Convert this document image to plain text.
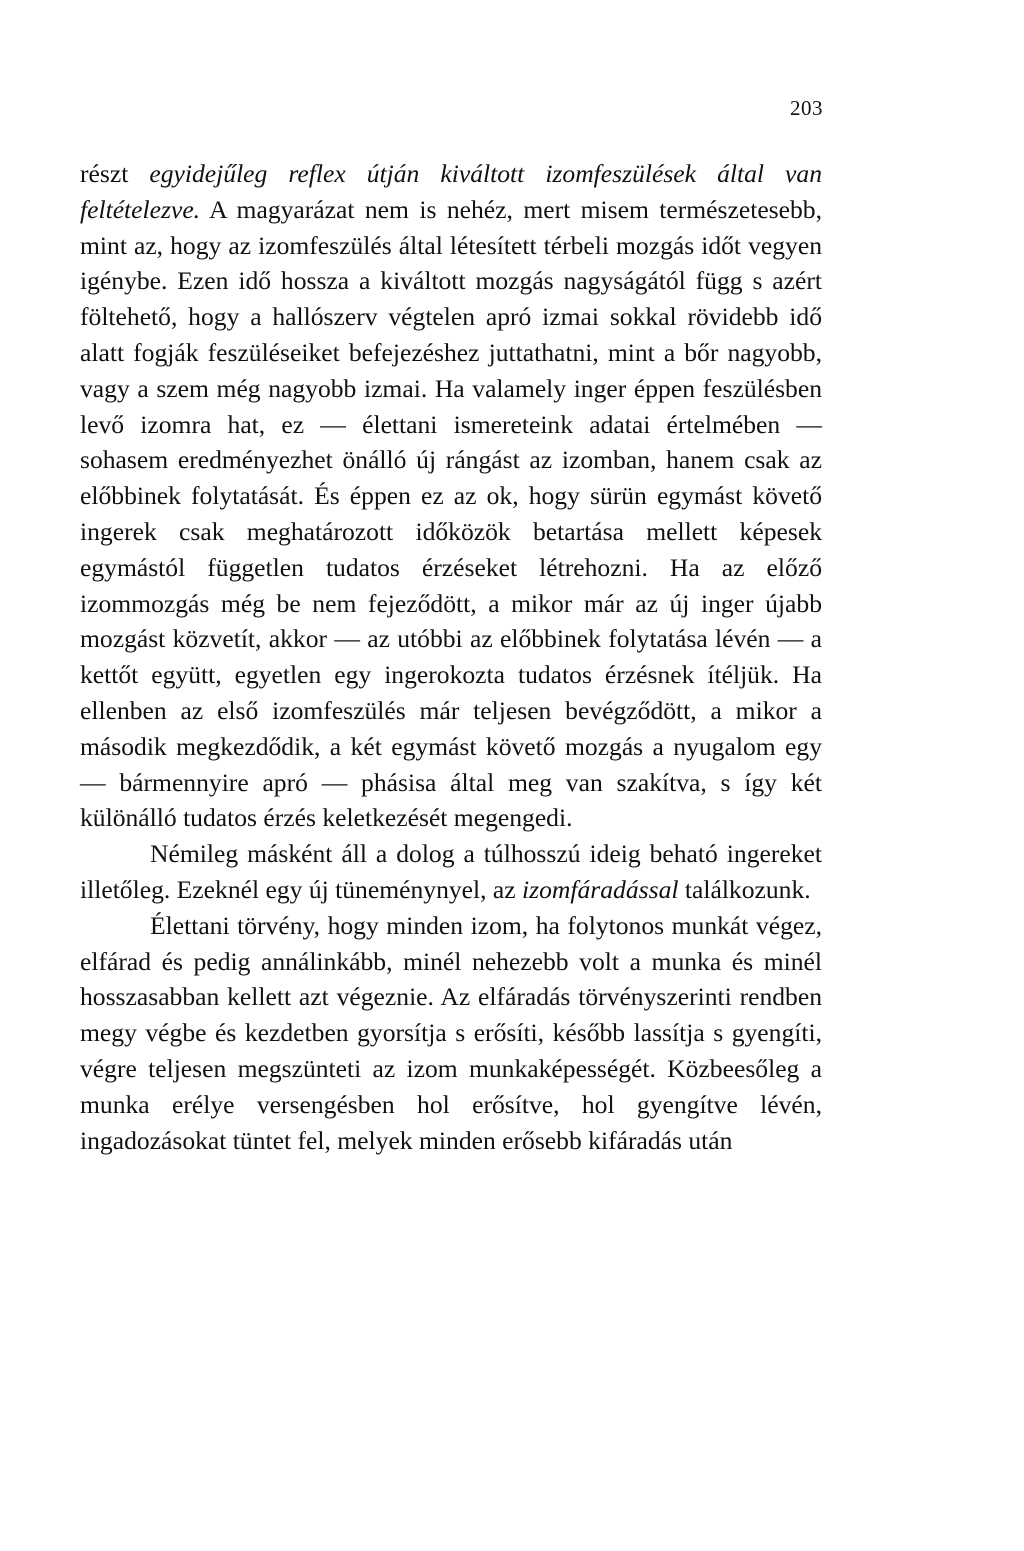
203

részt egyidejűleg reflex útján kiváltott izomfeszülések által van feltételezve. A magyarázat nem is nehéz, mert misem természetesebb, mint az, hogy az izomfeszülés által létesített térbeli mozgás időt vegyen igénybe. Ezen idő hossza a kiváltott mozgás nagyságától függ s azért föltehető, hogy a hallószerv végtelen apró izmai sokkal rövidebb idő alatt fogják feszüléseiket befejezéshez juttathatni, mint a bőr nagyobb, vagy a szem még nagyobb izmai. Ha valamely inger éppen feszülésben levő izomra hat, ez — élettani ismereteink adatai értelmében — sohasem eredményezhet önálló új rángást az izomban, hanem csak az előbbinek folytatását. És éppen ez az ok, hogy sürün egymást követő ingerek csak meghatározott időközök betartása mellett képesek egymástól független tudatos érzéseket létrehozni. Ha az előző izommozgás még be nem fejeződött, a mikor már az új inger újabb mozgást közvetít, akkor — az utóbbi az előbbinek folytatása lévén — a kettőt együtt, egyetlen egy ingerokozta tudatos érzésnek ítéljük. Ha ellenben az első izomfeszülés már teljesen bevégződött, a mikor a második megkezdődik, a két egymást követő mozgás a nyugalom egy — bármennyire apró — phásisa által meg van szakítva, s így két különálló tudatos érzés keletkezését megengedi.

Némileg másként áll a dolog a túlhosszú ideig beható ingereket illetőleg. Ezeknél egy új tüneménynyel, az izomfáradással találkozunk.

Élettani törvény, hogy minden izom, ha folytonos munkát végez, elfárad és pedig annálinkább, minél nehezebb volt a munka és minél hosszasabban kellett azt végeznie. Az elfáradás törvényszerinti rendben megy végbe és kezdetben gyorsítja s erősíti, később lassítja s gyengíti, végre teljesen megszünteti az izom munkaképességét. Közbeesőleg a munka erélye versengésben hol erősítve, hol gyengítve lévén, ingadozásokat tüntet fel, melyek minden erősebb kifáradás után
